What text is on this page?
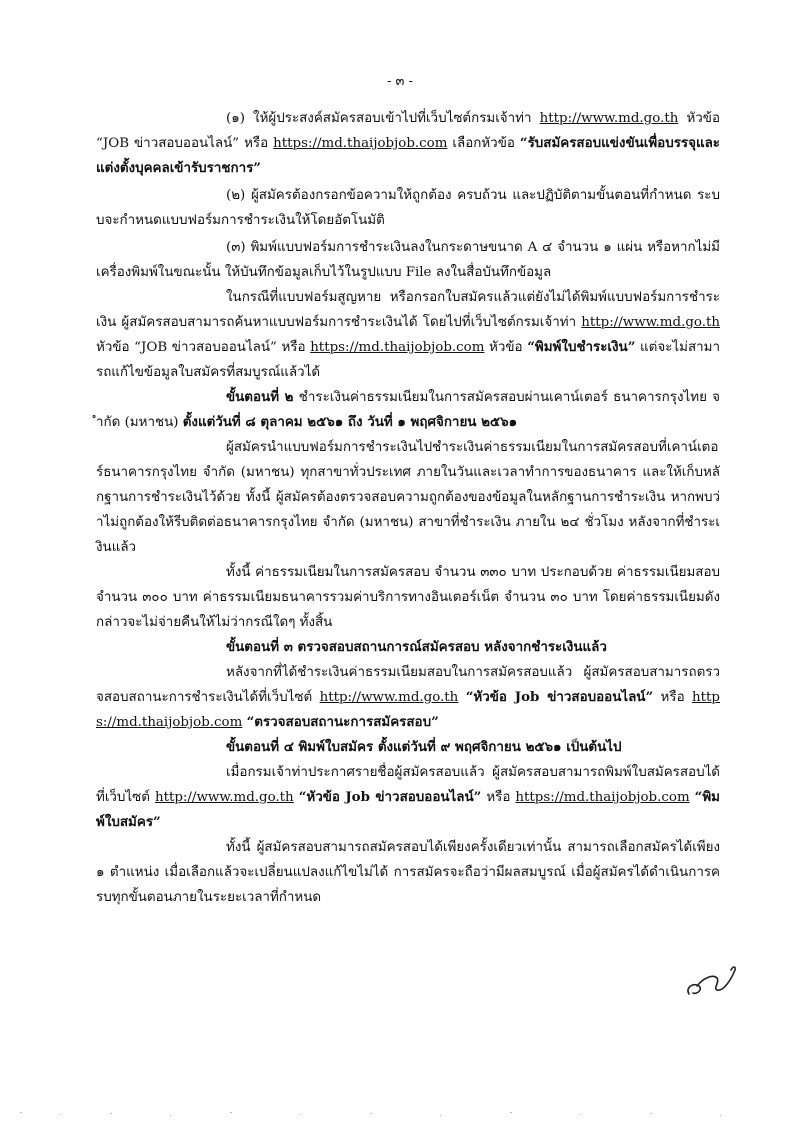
- ๓ -

(๑) ให้ผู้ประสงค์สมัครสอบเข้าไปที่เว็บไซต์กรมเจ้าท่า http://www.md.go.th หัวข้อ “JOB ข่าวสอบออนไลน์” หรือ https://md.thaijobjob.com เลือกหัวข้อ “รับสมัครสอบแข่งขันเพื่อบรรจุและแต่งตั้งบุคคลเข้ารับราชการ”

(๒) ผู้สมัครต้องกรอกข้อความให้ถูกต้อง ครบถ้วน และปฏิบัติตามขั้นตอนที่กำหนด ระบบจะกำหนดแบบฟอร์มการชำระเงินให้โดยอัตโนมัติ

(๓) พิมพ์แบบฟอร์มการชำระเงินลงในกระดาษขนาด A ๔ จำนวน ๑ แผ่น หรือหากไม่มีเครื่องพิมพ์ในขณะนั้น ให้บันทึกข้อมูลเก็บไว้ในรูปแบบ File ลงในสื่อบันทึกข้อมูล

ในกรณีที่แบบฟอร์มสูญหาย หรือกรอกใบสมัครแล้วแต่ยังไม่ได้พิมพ์แบบฟอร์มการชำระเงิน ผู้สมัครสอบสามารถค้นหาแบบฟอร์มการชำระเงินได้ โดยไปที่เว็บไซต์กรมเจ้าท่า http://www.md.go.th หัวข้อ “JOB ข่าวสอบออนไลน์” หรือ https://md.thaijobjob.com หัวข้อ “พิมพ์ใบชำระเงิน” แต่จะไม่สามารถแก้ไขข้อมูลใบสมัครที่สมบูรณ์แล้วได้

ขั้นตอนที่ ๒ ชำระเงินค่าธรรมเนียมในการสมัครสอบผ่านเคาน์เตอร์ ธนาคารกรุงไทย จำกัด (มหาชน) ตั้งแต่วันที่ ๘ ตุลาคม ๒๕๖๑ ถึง วันที่ ๑ พฤศจิกายน ๒๕๖๑

ผู้สมัครนำแบบฟอร์มการชำระเงินไปชำระเงินค่าธรรมเนียมในการสมัครสอบที่เคาน์เตอร์ธนาคารกรุงไทย จำกัด (มหาชน) ทุกสาขาทั่วประเทศ ภายในวันและเวลาทำการของธนาคาร และให้เก็บหลักฐานการชำระเงินไว้ด้วย ทั้งนี้ ผู้สมัครต้องตรวจสอบความถูกต้องของข้อมูลในหลักฐานการชำระเงิน หากพบว่าไม่ถูกต้องให้รีบติดต่อธนาคารกรุงไทย จำกัด (มหาชน) สาขาที่ชำระเงิน ภายใน ๒๔ ชั่วโมง หลังจากที่ชำระเงินแล้ว

ทั้งนี้ ค่าธรรมเนียมในการสมัครสอบ จำนวน ๓๓๐ บาท ประกอบด้วย ค่าธรรมเนียมสอบ จำนวน ๓๐๐ บาท ค่าธรรมเนียมธนาคารรวมค่าบริการทางอินเตอร์เน็ต จำนวน ๓๐ บาท โดยค่าธรรมเนียมดังกล่าวจะไม่จ่ายคืนให้ไม่ว่ากรณีใดๆ ทั้งสิ้น

ขั้นตอนที่ ๓ ตรวจสอบสถานการณ์สมัครสอบ หลังจากชำระเงินแล้ว

หลังจากที่ได้ชำระเงินค่าธรรมเนียมสอบในการสมัครสอบแล้ว ผู้สมัครสอบสามารถตรวจสอบสถานะการชำระเงินได้ที่เว็บไซต์ http://www.md.go.th “หัวข้อ Job ข่าวสอบออนไลน์” หรือ https://md.thaijobjob.com “ตรวจสอบสถานะการสมัครสอบ”

ขั้นตอนที่ ๔ พิมพ์ใบสมัคร ตั้งแต่วันที่ ๙ พฤศจิกายน ๒๕๖๑ เป็นต้นไป

เมื่อกรมเจ้าท่าประกาศรายชื่อผู้สมัครสอบแล้ว ผู้สมัครสอบสามารถพิมพ์ใบสมัครสอบได้ที่เว็บไซต์ http://www.md.go.th “หัวข้อ Job ข่าวสอบออนไลน์” หรือ https://md.thaijobjob.com “พิมพ์ใบสมัคร”

ทั้งนี้ ผู้สมัครสอบสามารถสมัครสอบได้เพียงครั้งเดียวเท่านั้น สามารถเลือกสมัครได้เพียง ๑ ตำแหน่ง เมื่อเลือกแล้วจะเปลี่ยนแปลงแก้ไขไม่ได้ การสมัครจะถือว่ามีผลสมบูรณ์ เมื่อผู้สมัครได้ดำเนินการครบทุกขั้นตอนภายในระยะเวลาที่กำหนด
